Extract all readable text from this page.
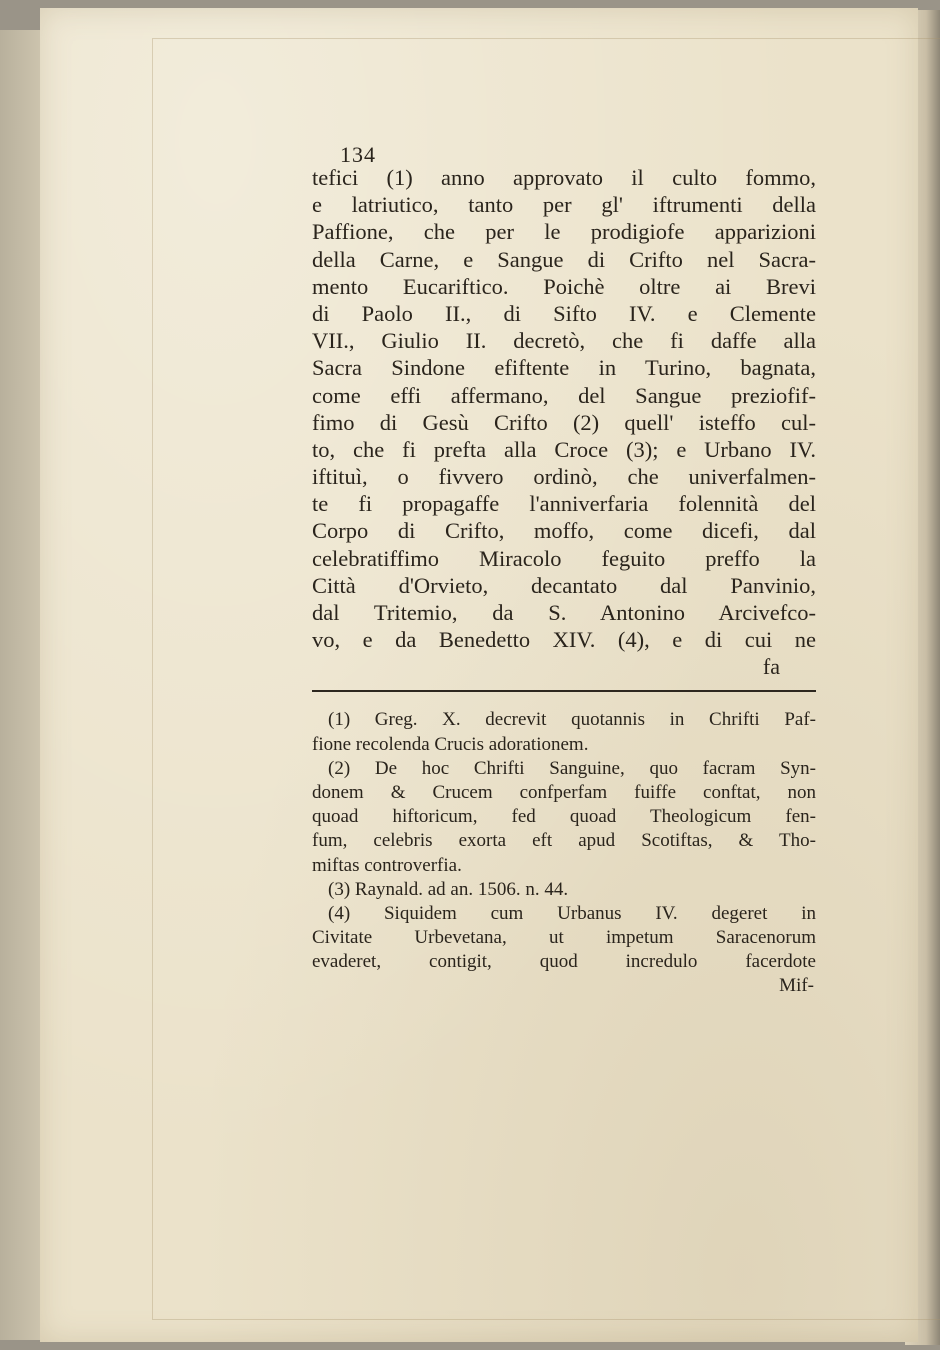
134
tefici (1) anno approvato il culto fommo,
e latriutico, tanto per gl' iftrumenti della
Paffione, che per le prodigiofe apparizioni
della Carne, e Sangue di Crifto nel Sacra-
mento Eucariftico. Poichè oltre ai Brevi
di Paolo II., di Sifto IV. e Clemente
VII., Giulio II. decretò, che fi daffe alla
Sacra Sindone efiftente in Turino, bagnata,
come effi affermano, del Sangue preziofif-
fimo di Gesù Crifto (2) quell' isteffo cul-
to, che fi prefta alla Croce (3); e Urbano IV.
iftituì, o fivvero ordinò, che univerfalmen-
te fi propagaffe l'anniverfaria folennità del
Corpo di Crifto, moffo, come dicefi, dal
celebratiffimo Miracolo feguito preffo la
Città d'Orvieto, decantato dal Panvinio,
dal Tritemio, da S. Antonino Arcivefco-
vo, e da Benedetto XIV. (4), e di cui ne
fa
(1) Greg. X. decrevit quotannis in Chrifti Paf-
fione recolenda Crucis adorationem.
(2) De hoc Chrifti Sanguine, quo facram Syn-
donem & Crucem confperfam fuiffe conftat, non
quoad hiftoricum, fed quoad Theologicum fen-
fum, celebris exorta eft apud Scotiftas, & Tho-
miftas controverfia.
(3) Raynald. ad an. 1506. n. 44.
(4) Siquidem cum Urbanus IV. degeret in
Civitate Urbevetana, ut impetum Saracenorum
evaderet, contigit, quod incredulo facerdote
Mif-
